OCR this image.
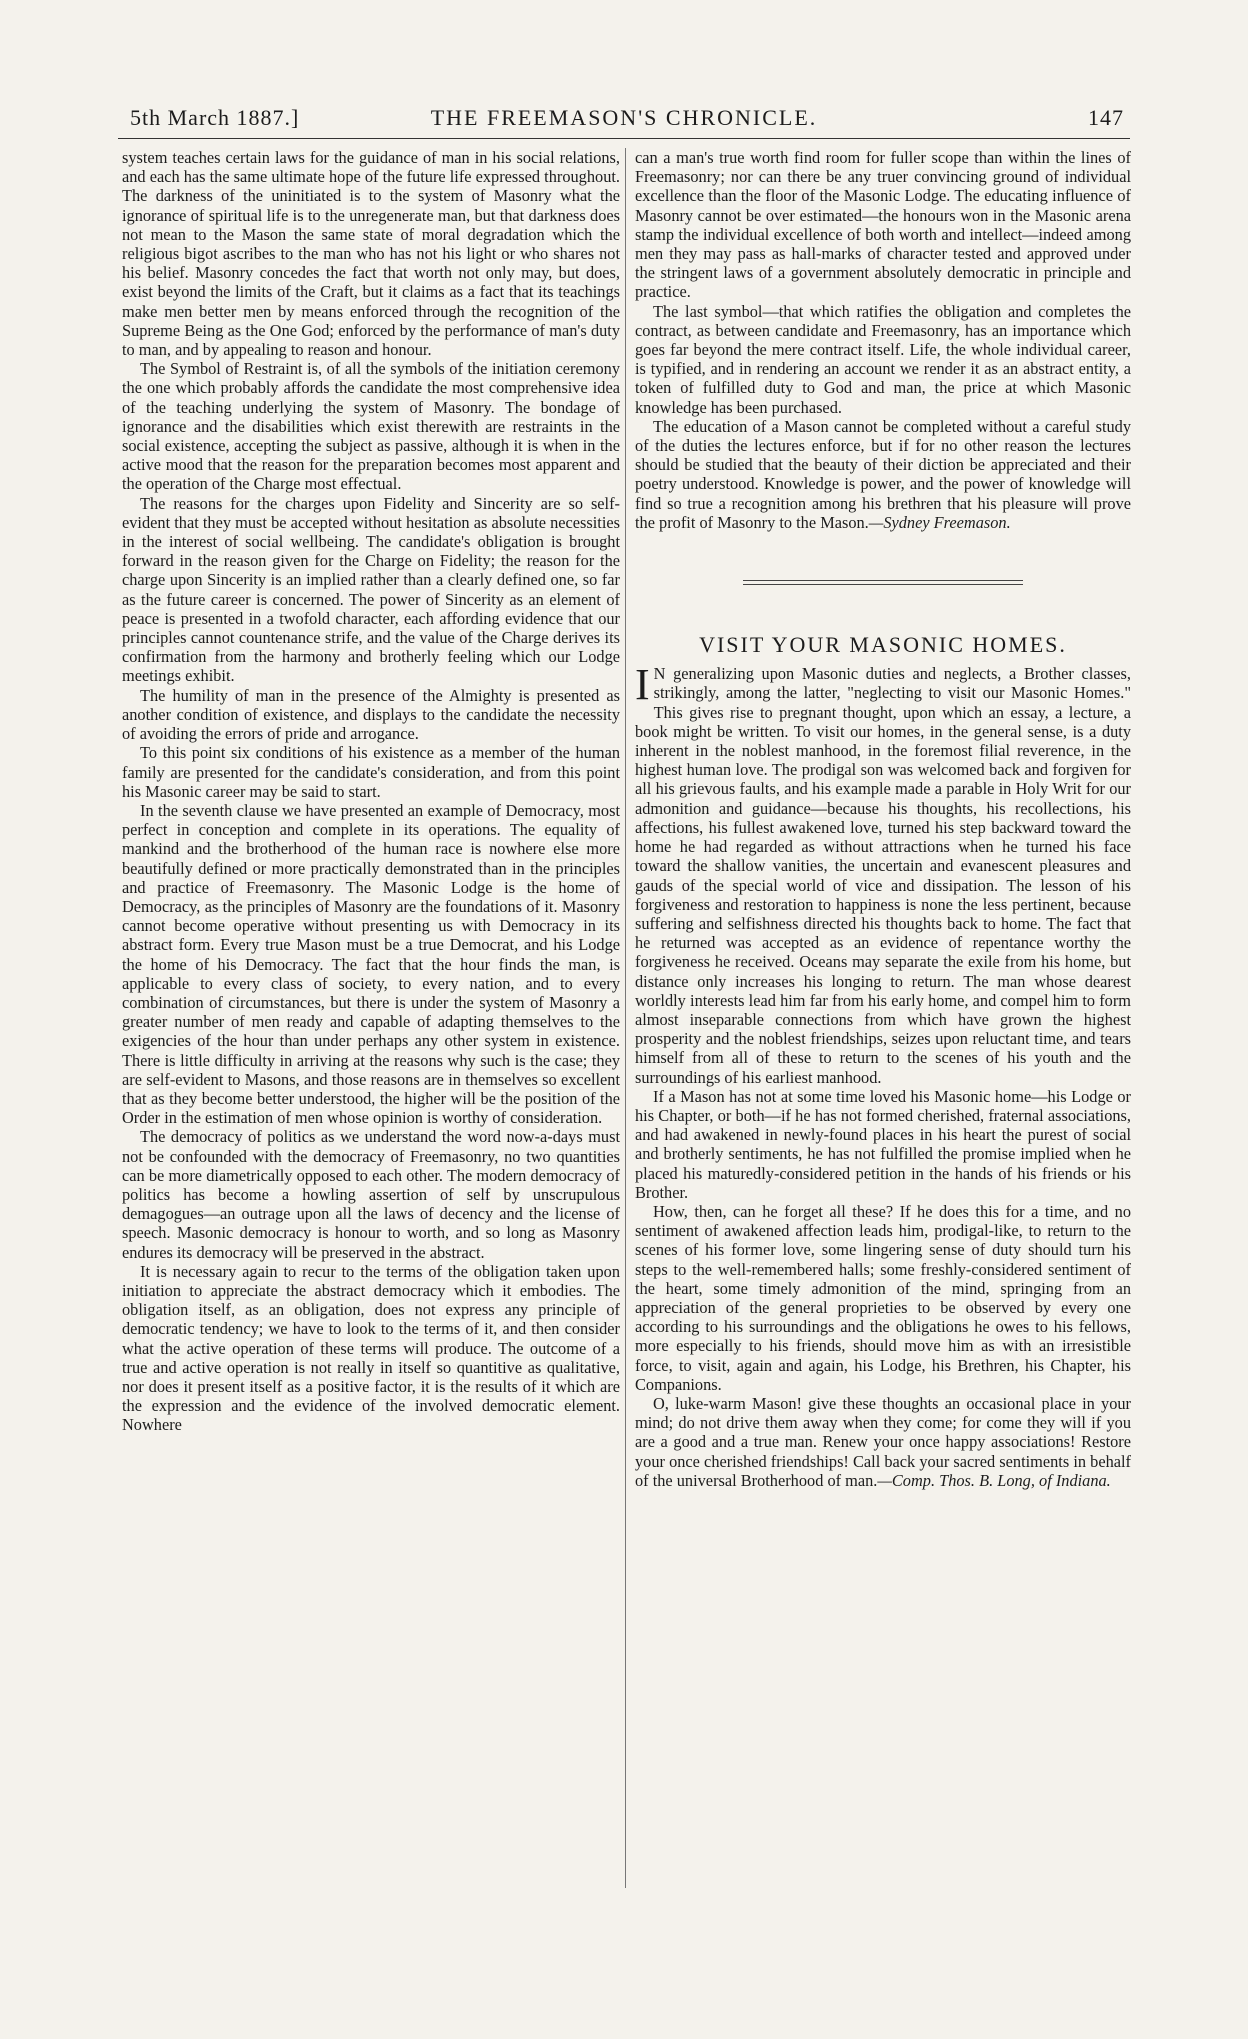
5th March 1887.]	THE FREEMASON'S CHRONICLE.	147

system teaches certain laws for the guidance of man in his social relations, and each has the same ultimate hope of the future life expressed throughout. The darkness of the uninitiated is to the system of Masonry what the ignorance of spiritual life is to the unregenerate man, but that darkness does not mean to the Mason the same state of moral degradation which the religious bigot ascribes to the man who has not his light or who shares not his belief. Masonry concedes the fact that worth not only may, but does, exist beyond the limits of the Craft, but it claims as a fact that its teachings make men better men by means enforced through the recognition of the Supreme Being as the One God; enforced by the performance of man's duty to man, and by appealing to reason and honour.

The Symbol of Restraint is, of all the symbols of the initiation ceremony the one which probably affords the candidate the most comprehensive idea of the teaching underlying the system of Masonry. The bondage of ignorance and the disabilities which exist therewith are restraints in the social existence, accepting the subject as passive, although it is when in the active mood that the reason for the preparation becomes most apparent and the operation of the Charge most effectual.

The reasons for the charges upon Fidelity and Sincerity are so self-evident that they must be accepted without hesitation as absolute necessities in the interest of social wellbeing. The candidate's obligation is brought forward in the reason given for the Charge on Fidelity; the reason for the charge upon Sincerity is an implied rather than a clearly defined one, so far as the future career is concerned. The power of Sincerity as an element of peace is presented in a twofold character, each affording evidence that our principles cannot countenance strife, and the value of the Charge derives its confirmation from the harmony and brotherly feeling which our Lodge meetings exhibit.

The humility of man in the presence of the Almighty is presented as another condition of existence, and displays to the candidate the necessity of avoiding the errors of pride and arrogance.

To this point six conditions of his existence as a member of the human family are presented for the candidate's consideration, and from this point his Masonic career may be said to start.

In the seventh clause we have presented an example of Democracy, most perfect in conception and complete in its operations. The equality of mankind and the brotherhood of the human race is nowhere else more beautifully defined or more practically demonstrated than in the principles and practice of Freemasonry. The Masonic Lodge is the home of Democracy, as the principles of Masonry are the foundations of it. Masonry cannot become operative without presenting us with Democracy in its abstract form. Every true Mason must be a true Democrat, and his Lodge the home of his Democracy. The fact that the hour finds the man, is applicable to every class of society, to every nation, and to every combination of circumstances, but there is under the system of Masonry a greater number of men ready and capable of adapting themselves to the exigencies of the hour than under perhaps any other system in existence. There is little difficulty in arriving at the reasons why such is the case; they are self-evident to Masons, and those reasons are in themselves so excellent that as they become better understood, the higher will be the position of the Order in the estimation of men whose opinion is worthy of consideration.

The democracy of politics as we understand the word now-a-days must not be confounded with the democracy of Freemasonry, no two quantities can be more diametrically opposed to each other. The modern democracy of politics has become a howling assertion of self by unscrupulous demagogues—an outrage upon all the laws of decency and the license of speech. Masonic democracy is honour to worth, and so long as Masonry endures its democracy will be preserved in the abstract.

It is necessary again to recur to the terms of the obligation taken upon initiation to appreciate the abstract democracy which it embodies. The obligation itself, as an obligation, does not express any principle of democratic tendency; we have to look to the terms of it, and then consider what the active operation of these terms will produce. The outcome of a true and active operation is not really in itself so quantitive as qualitative, nor does it present itself as a positive factor, it is the results of it which are the expression and the evidence of the involved democratic element. Nowhere

can a man's true worth find room for fuller scope than within the lines of Freemasonry; nor can there be any truer convincing ground of individual excellence than the floor of the Masonic Lodge. The educating influence of Masonry cannot be over estimated—the honours won in the Masonic arena stamp the individual excellence of both worth and intellect—indeed among men they may pass as hall-marks of character tested and approved under the stringent laws of a government absolutely democratic in principle and practice.

The last symbol—that which ratifies the obligation and completes the contract, as between candidate and Freemasonry, has an importance which goes far beyond the mere contract itself. Life, the whole individual career, is typified, and in rendering an account we render it as an abstract entity, a token of fulfilled duty to God and man, the price at which Masonic knowledge has been purchased.

The education of a Mason cannot be completed without a careful study of the duties the lectures enforce, but if for no other reason the lectures should be studied that the beauty of their diction be appreciated and their poetry understood. Knowledge is power, and the power of knowledge will find so true a recognition among his brethren that his pleasure will prove the profit of Masonry to the Mason.—Sydney Freemason.

VISIT YOUR MASONIC HOMES.

I N generalizing upon Masonic duties and neglects, a Brother classes, strikingly, among the latter, "neglecting to visit our Masonic Homes." This gives rise to pregnant thought, upon which an essay, a lecture, a book might be written. To visit our homes, in the general sense, is a duty inherent in the noblest manhood, in the foremost filial reverence, in the highest human love. The prodigal son was welcomed back and forgiven for all his grievous faults, and his example made a parable in Holy Writ for our admonition and guidance—because his thoughts, his recollections, his affections, his fullest awakened love, turned his step backward toward the home he had regarded as without attractions when he turned his face toward the shallow vanities, the uncertain and evanescent pleasures and gauds of the special world of vice and dissipation. The lesson of his forgiveness and restoration to happiness is none the less pertinent, because suffering and selfishness directed his thoughts back to home. The fact that he returned was accepted as an evidence of repentance worthy the forgiveness he received. Oceans may separate the exile from his home, but distance only increases his longing to return. The man whose dearest worldly interests lead him far from his early home, and compel him to form almost inseparable connections from which have grown the highest prosperity and the noblest friendships, seizes upon reluctant time, and tears himself from all of these to return to the scenes of his youth and the surroundings of his earliest manhood.

If a Mason has not at some time loved his Masonic home—his Lodge or his Chapter, or both—if he has not formed cherished, fraternal associations, and had awakened in newly-found places in his heart the purest of social and brotherly sentiments, he has not fulfilled the promise implied when he placed his maturedly-considered petition in the hands of his friends or his Brother.

How, then, can he forget all these? If he does this for a time, and no sentiment of awakened affection leads him, prodigal-like, to return to the scenes of his former love, some lingering sense of duty should turn his steps to the well-remembered halls; some freshly-considered sentiment of the heart, some timely admonition of the mind, springing from an appreciation of the general proprieties to be observed by every one according to his surroundings and the obligations he owes to his fellows, more especially to his friends, should move him as with an irresistible force, to visit, again and again, his Lodge, his Brethren, his Chapter, his Companions.

O, luke-warm Mason! give these thoughts an occasional place in your mind; do not drive them away when they come; for come they will if you are a good and a true man. Renew your once happy associations! Restore your once cherished friendships! Call back your sacred sentiments in behalf of the universal Brotherhood of man.—Comp. Thos. B. Long, of Indiana.
